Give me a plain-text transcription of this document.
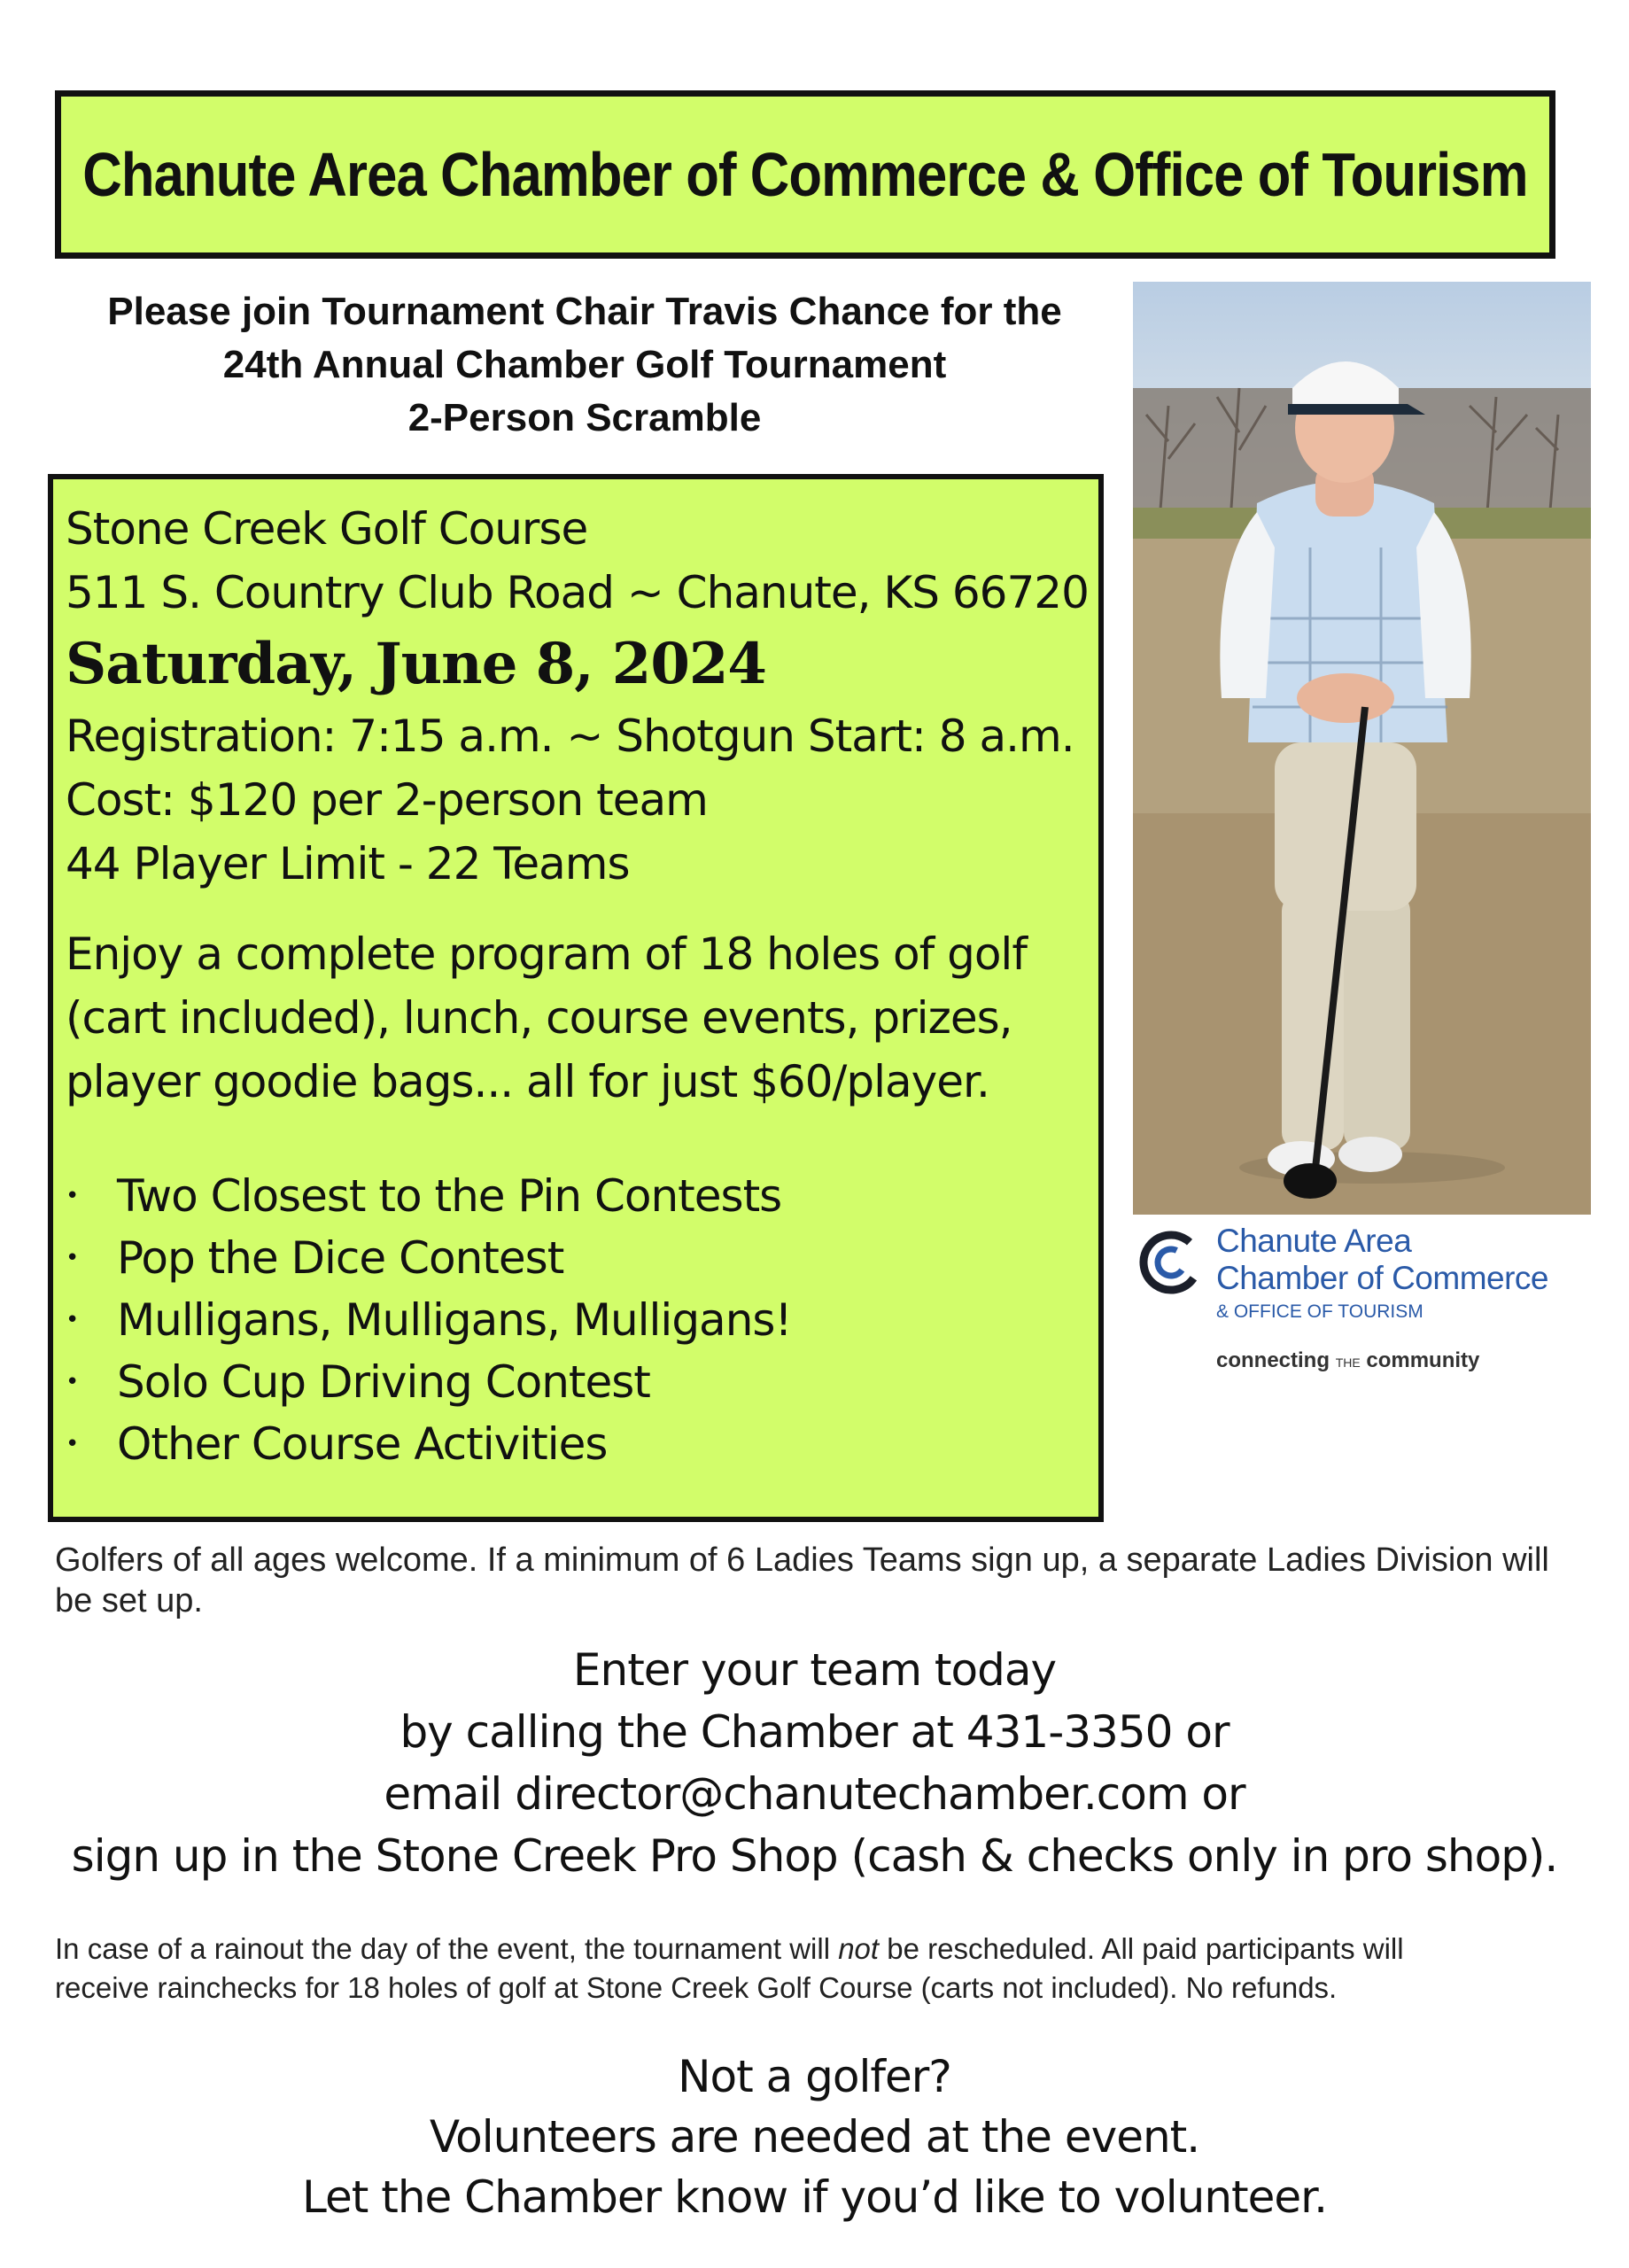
Chanute Area Chamber of Commerce & Office of Tourism
Please join Tournament Chair Travis Chance for the
24th Annual Chamber Golf Tournament
2-Person Scramble
Stone Creek Golf Course
511 S. Country Club Road ~ Chanute, KS 66720
Saturday, June 8, 2024
Registration: 7:15 a.m. ~ Shotgun Start: 8 a.m.
Cost: $120 per 2-person team
44 Player Limit - 22 Teams
Enjoy a complete program of 18 holes of golf
(cart included), lunch, course events, prizes,
player goodie bags... all for just $60/player.
• Two Closest to the Pin Contests
• Pop the Dice Contest
• Mulligans, Mulligans, Mulligans!
• Solo Cup Driving Contest
• Other Course Activities
Chanute Area
Chamber of Commerce
& OFFICE OF TOURISM
connecting THE community
Golfers of all ages welcome. If a minimum of 6 Ladies Teams sign up, a separate Ladies Division will be set up.
Enter your team today
by calling the Chamber at 431-3350 or
email director@chanutechamber.com or
sign up in the Stone Creek Pro Shop (cash & checks only in pro shop).
In case of a rainout the day of the event, the tournament will not be rescheduled. All paid participants will
receive rainchecks for 18 holes of golf at Stone Creek Golf Course (carts not included). No refunds.
Not a golfer?
Volunteers are needed at the event.
Let the Chamber know if you’d like to volunteer.
